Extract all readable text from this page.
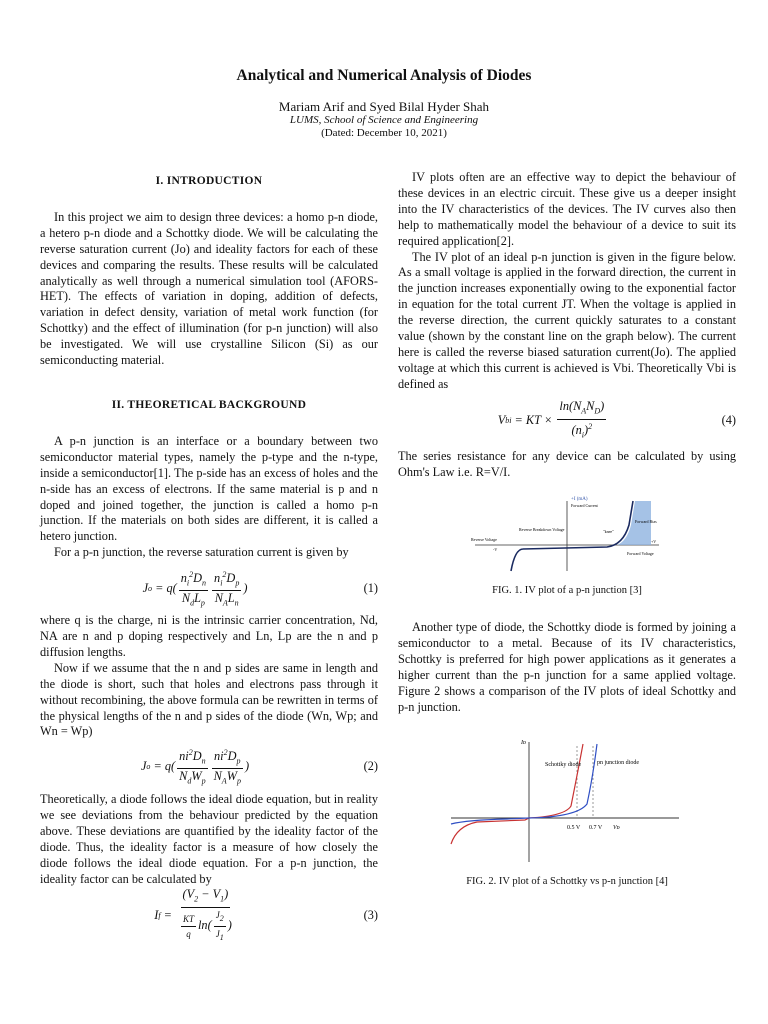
Analytical and Numerical Analysis of Diodes
Mariam Arif and Syed Bilal Hyder Shah
LUMS, School of Science and Engineering
(Dated: December 10, 2021)
I. INTRODUCTION

In this project we aim to design three devices: a homo p-n diode, a hetero p-n diode and a Schottky diode. We will be calculating the reverse saturation current (Jo) and ideality factors for each of these devices and comparing the results. These results will be calculated analytically as well through a numerical simulation tool (AFORS-HET). The effects of variation in doping, addition of defects, variation in defect density, variation of metal work function (for Schottky) and the effect of illumination (for p-n junction) will also be investigated. We will use crystalline Silicon (Si) as our semiconducting material.

II. THEORETICAL BACKGROUND

A p-n junction is an interface or a boundary between two semiconductor material types, namely the p-type and the n-type, inside a semiconductor[1]. The p-side has an excess of holes and the n-side has an excess of electrons. If the same material is p and n doped and joined together, the junction is called a homo p-n junction. If the materials on both sides are different, it is called a hetero junction.

For a p-n junction, the reverse saturation current is given by

J $o = q( \frac{n_i^2D_n}{N_dL_p} \frac{n_i^2D_p}{N_AL_n}$ )	(1)

where q is the charge, ni is the intrinsic carrier concentration, Nd, NA are n and p doping respectively and Ln, Lp are the n and p diffusion lengths.

Now if we assume that the n and p sides are same in length and the diode is short, such that holes and electrons pass through it without recombining, the above formula can be rewritten in terms of the physical lengths of the n and p sides of the diode (Wn, Wp; and Wn = Wp)

J $o = q( \frac{ni^2D_n}{N_dW_p} \frac{ni^2D_p}{N_AW_p}$ )	(2)

Theoretically, a diode follows the ideal diode equation, but in reality we see deviations from the behaviour predicted by the equation above. These deviations are quantified by the ideality factor of the diode. Thus, the ideality factor is a measure of how closely the diode follows the ideal diode equation. For a p-n junction, the ideality factor can be calculated by

I $f = \frac{(V_2 - V_1)}{\frac{KT}{q} \ln( \frac{J_2}{J_1} )}$	(3)

IV plots often are an effective way to depict the behaviour of these devices in an electric circuit. These give us a deeper insight into the IV characteristics of the devices. The IV curves also then help to mathematically model the behaviour of a device to suit its required application[2].

The IV plot of an ideal p-n junction is given in the figure below. As a small voltage is applied in the forward direction, the current in the junction increases exponentially owing to the exponential factor in equation for the total current JT. When the voltage is applied in the reverse direction, the current quickly saturates to a constant value (shown by the constant line on the graph below). The current here is called the reverse biased saturation current(Jo). The applied voltage at which this current is achieved is Vbi. Theoretically Vbi is defined as

V bi = KT × $\frac{\ln(N_AN_D)}{(n_i)^2}$	(4)

The series resistance for any device can be calculated by using Ohm's Law i.e. R=V/I.

+I (mA)
Forward Current
Forward Bias
"knee"
Reverse Breakdown Voltage
Reverse Voltage
-V
+V
Forward Voltage
FIG. 1. IV plot of a p-n junction [3]

Another type of diode, the Schottky diode is formed by joining a semiconductor to a metal. Because of its IV characteristics, Schottky is preferred for high power applications as it generates a higher current than the p-n junction for a same applied voltage. Figure 2 shows a comparison of the IV plots of ideal Schottky and p-n junction.

Iᴅ
Schottky diode	pn junction diode
0.5 V 0.7 V Vᴅ
FIG. 2. IV plot of a Schottky vs p-n junction [4]
